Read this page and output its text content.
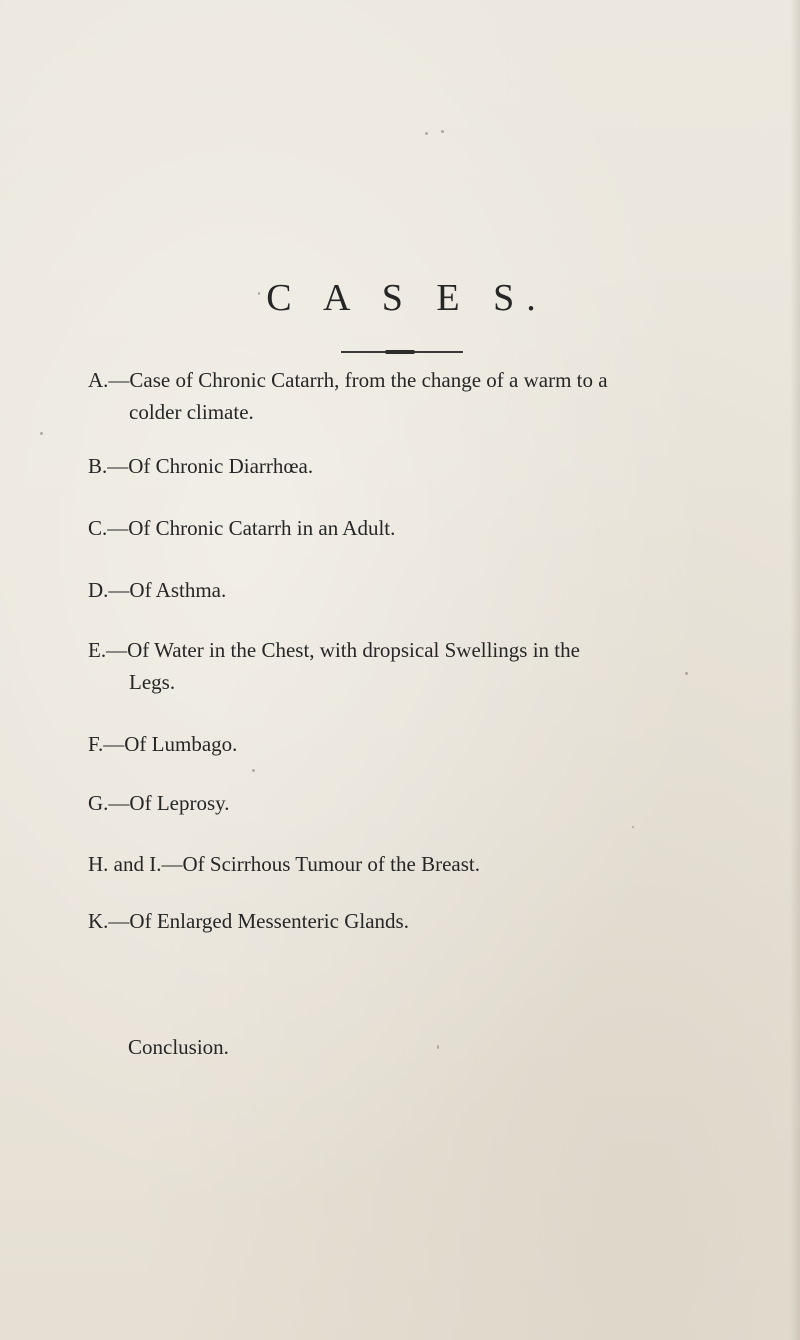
C A S E S.
A.—Case of Chronic Catarrh, from the change of a warm to a
colder climate.
B.—Of Chronic Diarrhœa.
C.—Of Chronic Catarrh in an Adult.
D.—Of Asthma.
E.—Of Water in the Chest, with dropsical Swellings in the
Legs.
F.—Of Lumbago.
G.—Of Leprosy.
H. and I.—Of Scirrhous Tumour of the Breast.
K.—Of Enlarged Messenteric Glands.
Conclusion.
